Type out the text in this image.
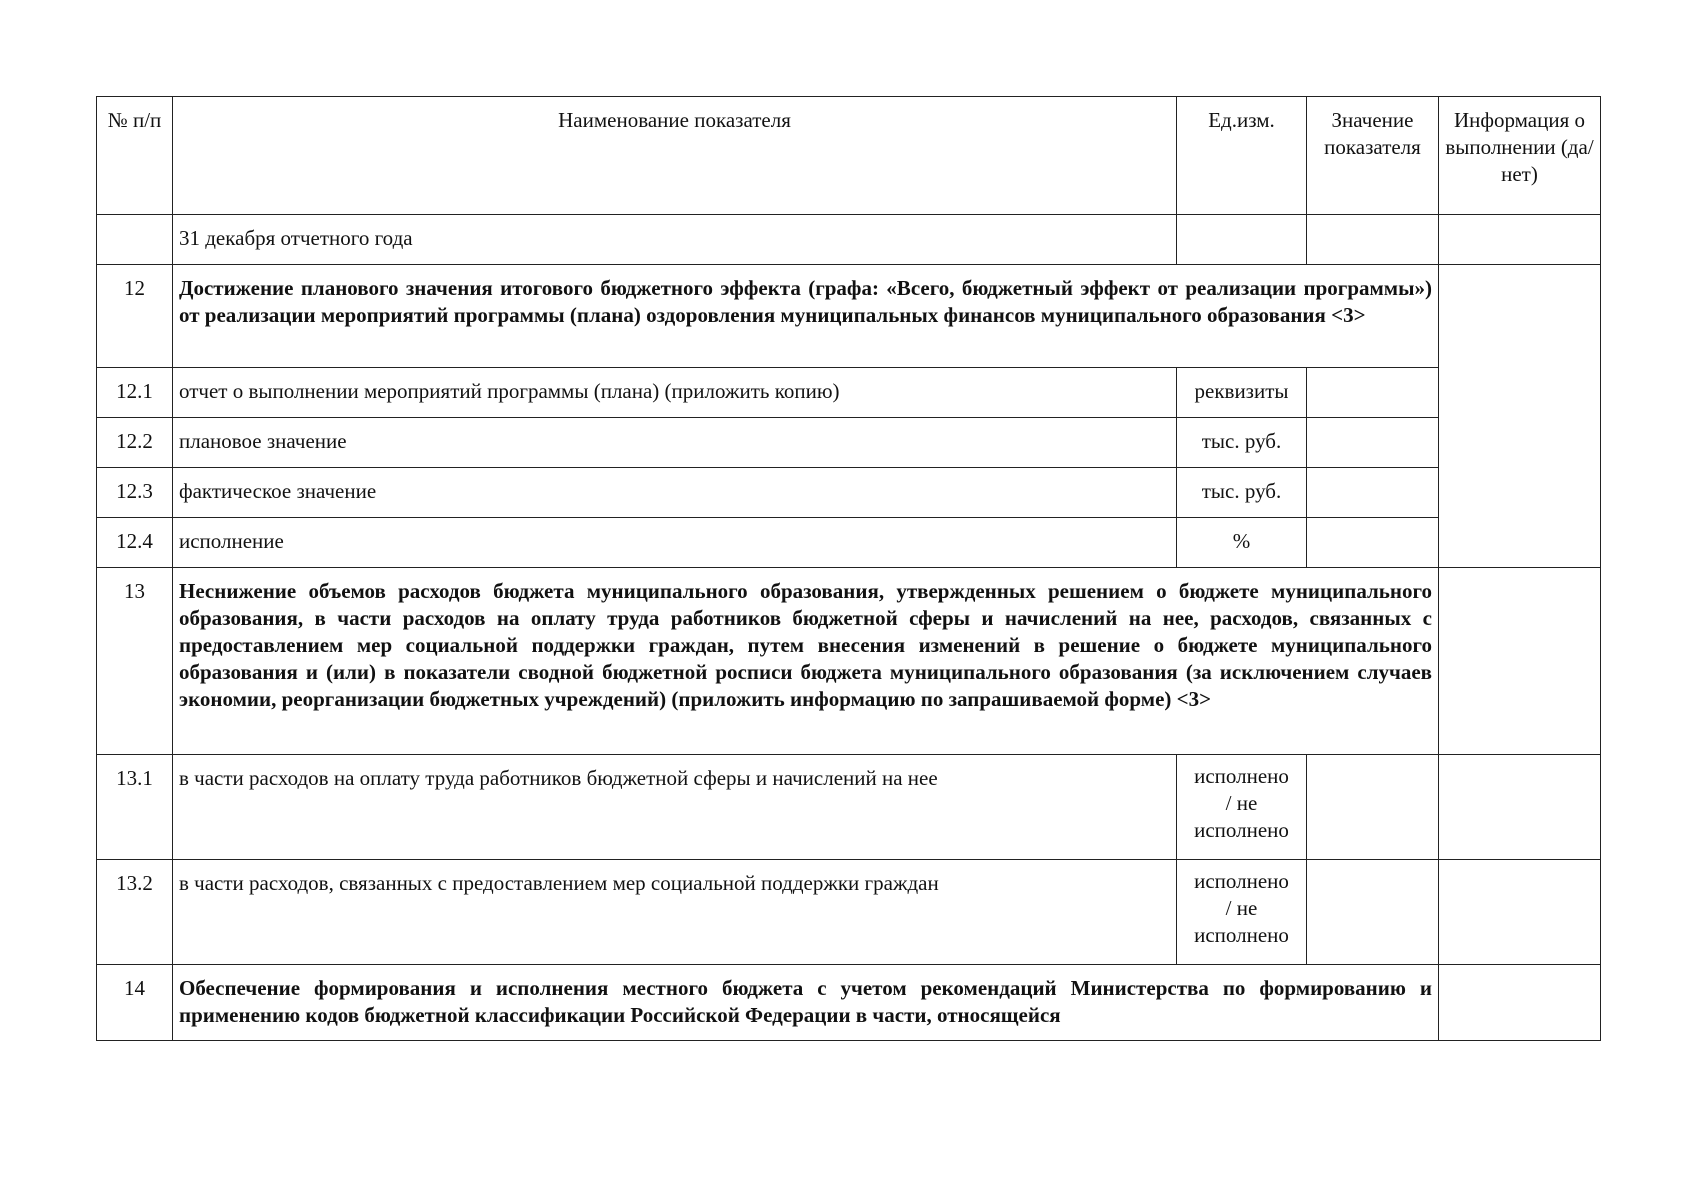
№ п/п	Наименование показателя	Ед.изм.	Значение показателя	Информация о выполнении (да/ нет)

	31 декабря отчетного года			

12	Достижение планового значения итогового бюджетного эффекта (графа: «Всего, бюджетный эффект от реализации программы») от реализации мероприятий программы (плана) оздоровления муниципальных финансов муниципального образования <3>			

12.1	отчет о выполнении мероприятий программы (плана) (приложить копию)	реквизиты		

12.2	плановое значение	тыс. руб.		

12.3	фактическое значение	тыс. руб.		

12.4	исполнение	%		

13	Неснижение объемов расходов бюджета муниципального образования, утвержденных решением о бюджете муниципального образования, в части расходов на оплату труда работников бюджетной сферы и начислений на нее, расходов, связанных с предоставлением мер социальной поддержки граждан, путем внесения изменений в решение о бюджете муниципального образования и (или) в показатели сводной бюджетной росписи бюджета муниципального образования (за исключением случаев экономии, реорганизации бюджетных учреждений) (приложить информацию по запрашиваемой форме) <3>			

13.1	в части расходов на оплату труда работников бюджетной сферы и начислений на нее	исполнено
/ не
исполнено		

13.2	в части расходов, связанных с предоставлением мер социальной поддержки граждан	исполнено
/ не
исполнено		

14	Обеспечение формирования и исполнения местного бюджета с учетом рекомендаций Министерства по формированию и применению кодов бюджетной классификации Российской Федерации в части, относящейся			
